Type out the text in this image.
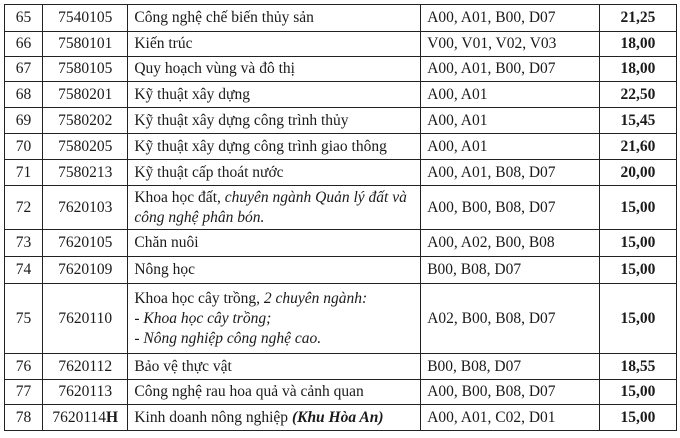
65	7540105	Công nghệ chế biến thủy sản	A00, A01, B00, D07	21,25
66	7580101	Kiến trúc	V00, V01, V02, V03	18,00
67	7580105	Quy hoạch vùng và đô thị	A00, A01, B00, D07	18,00
68	7580201	Kỹ thuật xây dựng	A00, A01	22,50
69	7580202	Kỹ thuật xây dựng công trình thủy	A00, A01	15,45
70	7580205	Kỹ thuật xây dựng công trình giao thông	A00, A01	21,60
71	7580213	Kỹ thuật cấp thoát nước	A00, A01, B08, D07	20,00
72	7620103	Khoa học đất, chuyên ngành Quản lý đất và công nghệ phân bón.	A00, B00, B08, D07	15,00
73	7620105	Chăn nuôi	A00, A02, B00, B08	15,00
74	7620109	Nông học	B00, B08, D07	15,00
75	7620110	Khoa học cây trồng, 2 chuyên ngành:
- Khoa học cây trồng;
- Nông nghiệp công nghệ cao.	A02, B00, B08, D07	15,00
76	7620112	Bảo vệ thực vật	B00, B08, D07	18,55
77	7620113	Công nghệ rau hoa quả và cảnh quan	A00, B00, B08, D07	15,00
78	7620114H	Kinh doanh nông nghiệp (Khu Hòa An)	A00, A01, C02, D01	15,00
